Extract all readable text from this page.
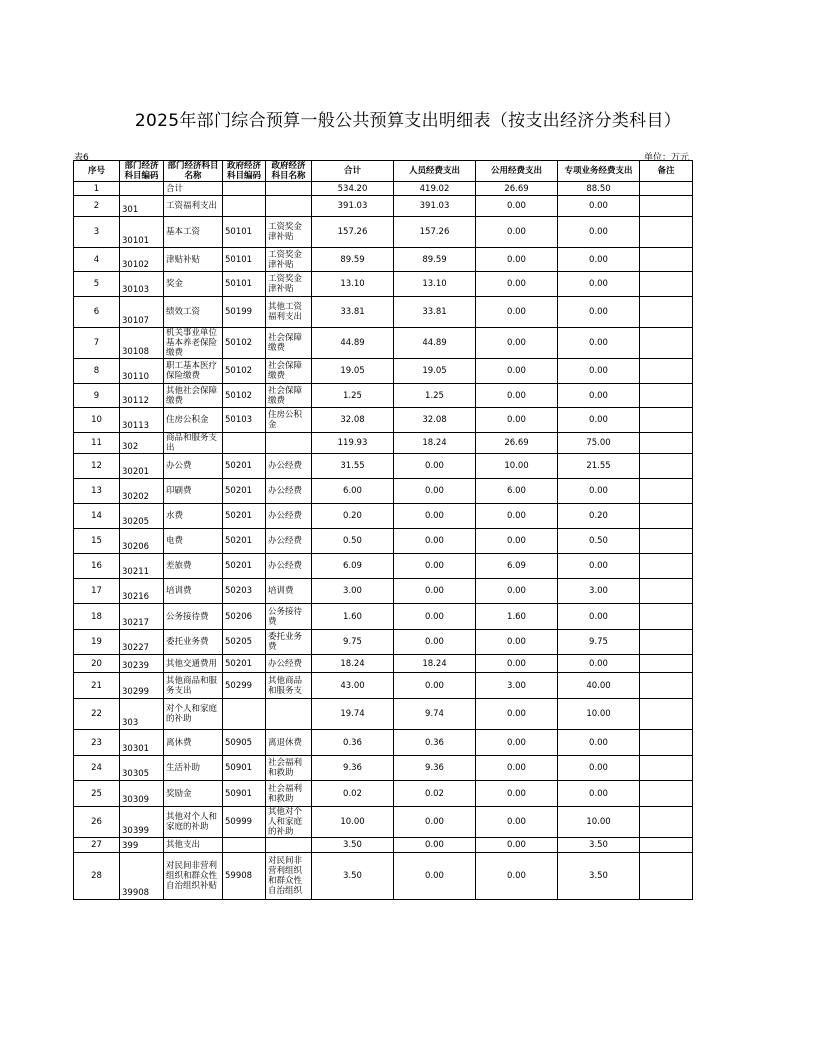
2025年部门综合预算一般公共预算支出明细表（按支出经济分类科目）
表6	单位：万元
序号	部门经济科目编码	部门经济科目名称	政府经济科目编码	政府经济科目名称	合计	人员经费支出	公用经费支出	专项业务经费支出	备注
1		合计			534.20	419.02	26.69	88.50	
2	301	工资福利支出			391.03	391.03	0.00	0.00	
3	30101	基本工资	50101	工资奖金津补贴	157.26	157.26	0.00	0.00	
4	30102	津贴补贴	50101	工资奖金津补贴	89.59	89.59	0.00	0.00	
5	30103	奖金	50101	工资奖金津补贴	13.10	13.10	0.00	0.00	
6	30107	绩效工资	50199	其他工资福利支出	33.81	33.81	0.00	0.00	
7	30108	机关事业单位基本养老保险缴费	50102	社会保障缴费	44.89	44.89	0.00	0.00	
8	30110	职工基本医疗保险缴费	50102	社会保障缴费	19.05	19.05	0.00	0.00	
9	30112	其他社会保障缴费	50102	社会保障缴费	1.25	1.25	0.00	0.00	
10	30113	住房公积金	50103	住房公积金	32.08	32.08	0.00	0.00	
11	302	商品和服务支出			119.93	18.24	26.69	75.00	
12	30201	办公费	50201	办公经费	31.55	0.00	10.00	21.55	
13	30202	印刷费	50201	办公经费	6.00	0.00	6.00	0.00	
14	30205	水费	50201	办公经费	0.20	0.00	0.00	0.20	
15	30206	电费	50201	办公经费	0.50	0.00	0.00	0.50	
16	30211	差旅费	50201	办公经费	6.09	0.00	6.09	0.00	
17	30216	培训费	50203	培训费	3.00	0.00	0.00	3.00	
18	30217	公务接待费	50206	公务接待费	1.60	0.00	1.60	0.00	
19	30227	委托业务费	50205	委托业务费	9.75	0.00	0.00	9.75	
20	30239	其他交通费用	50201	办公经费	18.24	18.24	0.00	0.00	
21	30299	其他商品和服务支出	50299	其他商品和服务支	43.00	0.00	3.00	40.00	
22	303	对个人和家庭的补助			19.74	9.74	0.00	10.00	
23	30301	离休费	50905	离退休费	0.36	0.36	0.00	0.00	
24	30305	生活补助	50901	社会福利和救助	9.36	9.36	0.00	0.00	
25	30309	奖励金	50901	社会福利和救助	0.02	0.02	0.00	0.00	
26	30399	其他对个人和家庭的补助	50999	其他对个人和家庭的补助	10.00	0.00	0.00	10.00	
27	399	其他支出			3.50	0.00	0.00	3.50	
28	39908	对民间非营利组织和群众性自治组织补贴	59908	对民间非营利组织和群众性自治组织	3.50	0.00	0.00	3.50	
